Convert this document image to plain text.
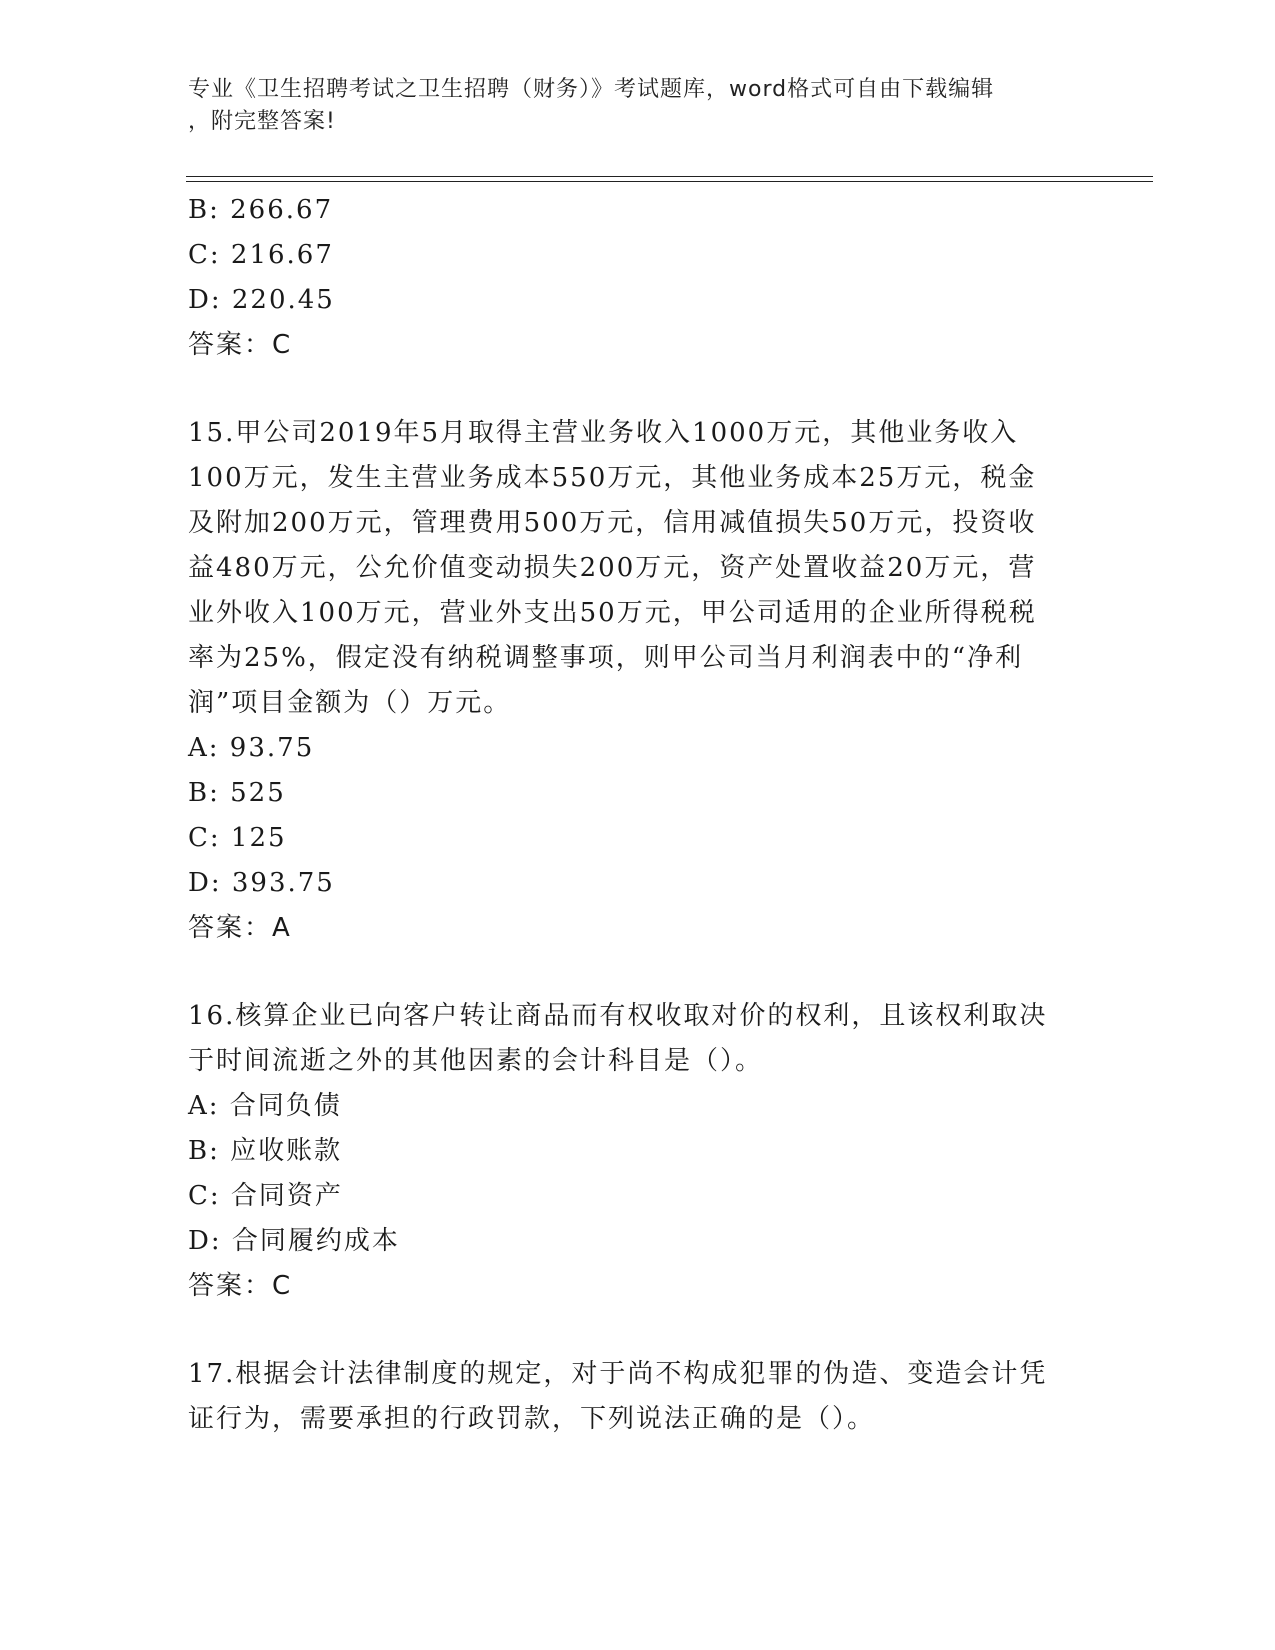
专业《卫生招聘考试之卫生招聘（财务）》考试题库，word格式可自由下载编辑
，附完整答案!
B: 266.67
C: 216.67
D: 220.45
答案：C
15.甲公司2019年5月取得主营业务收入1000万元，其他业务收入
100万元，发生主营业务成本550万元，其他业务成本25万元，税金
及附加200万元，管理费用500万元，信用减值损失50万元，投资收
益480万元，公允价值变动损失200万元，资产处置收益20万元，营
业外收入100万元，营业外支出50万元，甲公司适用的企业所得税税
率为25%，假定没有纳税调整事项，则甲公司当月利润表中的“净利
润”项目金额为（）万元。
A: 93.75
B: 525
C: 125
D: 393.75
答案：A
16.核算企业已向客户转让商品而有权收取对价的权利，且该权利取决
于时间流逝之外的其他因素的会计科目是（）。
A: 合同负债
B: 应收账款
C: 合同资产
D: 合同履约成本
答案：C
17.根据会计法律制度的规定，对于尚不构成犯罪的伪造、变造会计凭
证行为，需要承担的行政罚款，下列说法正确的是（）。
